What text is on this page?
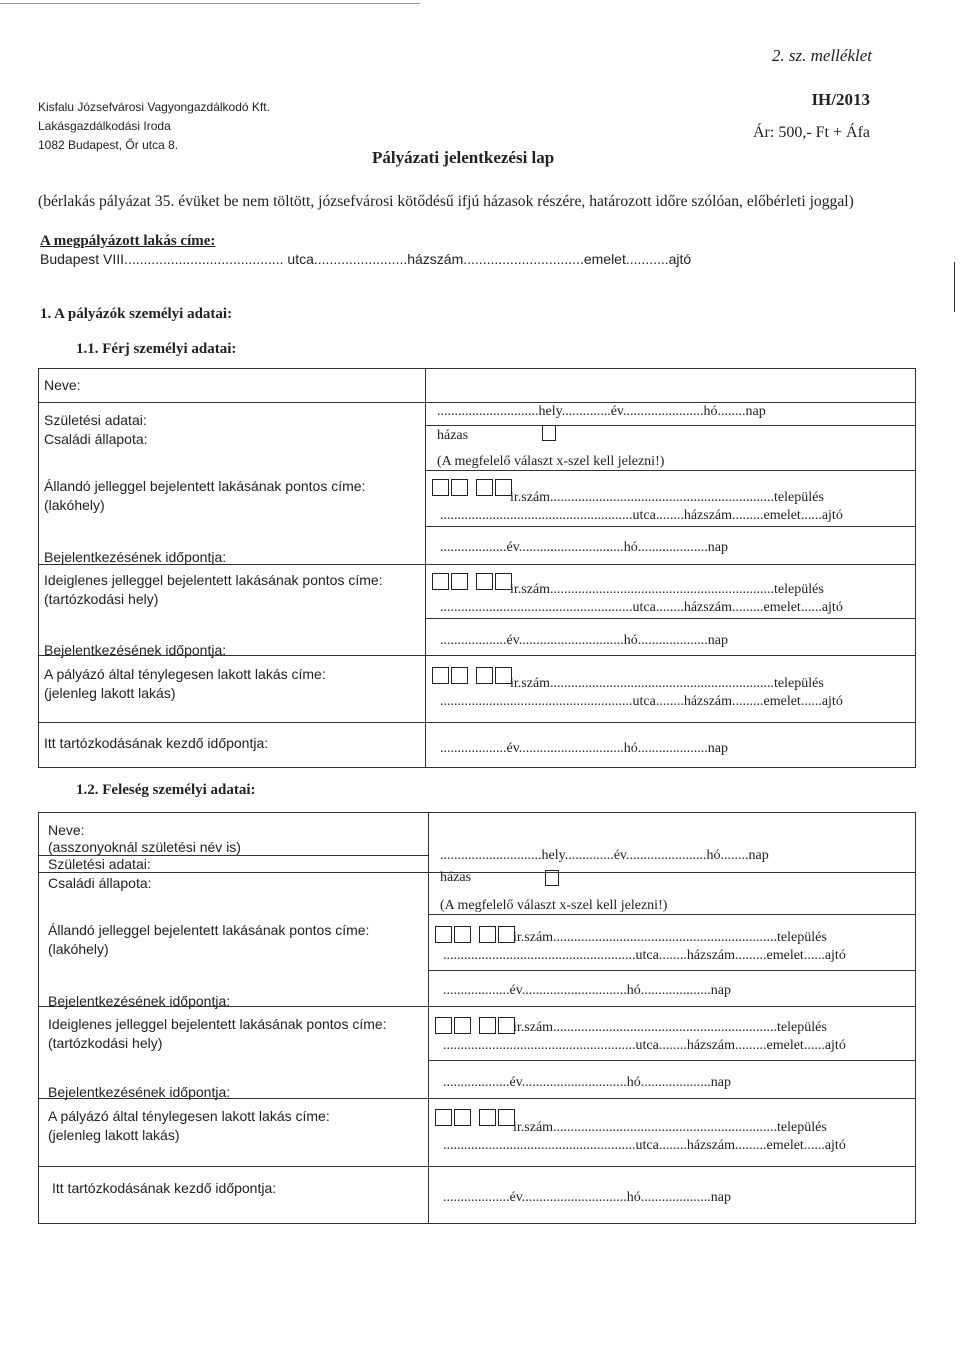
2. sz. melléklet
Kisfalu Józsefvárosi Vagyongazdálkodó Kft.
Lakásgazdálkodási Iroda
1082 Budapest, Őr utca 8.
IH/2013
Ár: 500,- Ft + Áfa
Pályázati jelentkezési lap
(bérlakás pályázat 35. évüket be nem töltött, józsefvárosi kötődésű ifjú házasok részére, határozott időre szólóan, előbérleti joggal)
A megpályázott lakás címe:
Budapest VIII......................................... utca........................házszám...............................emelet...........ajtó
1. A pályázók személyi adatai:
1.1. Férj személyi adatai:
Neve:
Születési adatai:
.............................hely..............év.......................hó........nap
Családi állapota:	házas
(A megfelelő választ x-szel kell jelezni!)
Állandó jelleggel bejelentett lakásának pontos címe:
(lakóhely)	ir.szám................................................................település
.......................................................utca........házszám.........emelet......ajtó
Bejelentkezésének időpontja:
...................év..............................hó....................nap
Ideiglenes jelleggel bejelentett lakásának pontos címe:
(tartózkodási hely)
ir.szám................................................................település
.......................................................utca........házszám.........emelet......ajtó
Bejelentkezésének időpontja:
...................év..............................hó....................nap
A pályázó által ténylegesen lakott lakás címe:
(jelenleg lakott lakás)
ir.szám................................................................település
.......................................................utca........házszám.........emelet......ajtó
Itt tartózkodásának kezdő időpontja:	...................év..............................hó....................nap
1.2. Feleség személyi adatai:
Neve:
(asszonyoknál születési név is)
Születési adatai:
.............................hely..............év.......................hó........nap
Családi állapota:	házas
(A megfelelő választ x-szel kell jelezni!)
Állandó jelleggel bejelentett lakásának pontos címe:
(lakóhely)
ir.szám................................................................település
.......................................................utca........házszám.........emelet......ajtó
Bejelentkezésének időpontja:
...................év..............................hó....................nap
Ideiglenes jelleggel bejelentett lakásának pontos címe:
(tartózkodási hely)
ir.szám................................................................település
.......................................................utca........házszám.........emelet......ajtó
Bejelentkezésének időpontja:
...................év..............................hó....................nap
A pályázó által ténylegesen lakott lakás címe:
(jelenleg lakott lakás)	ir.szám................................................................település
.......................................................utca........házszám.........emelet......ajtó
Itt tartózkodásának kezdő időpontja:
...................év..............................hó....................nap
